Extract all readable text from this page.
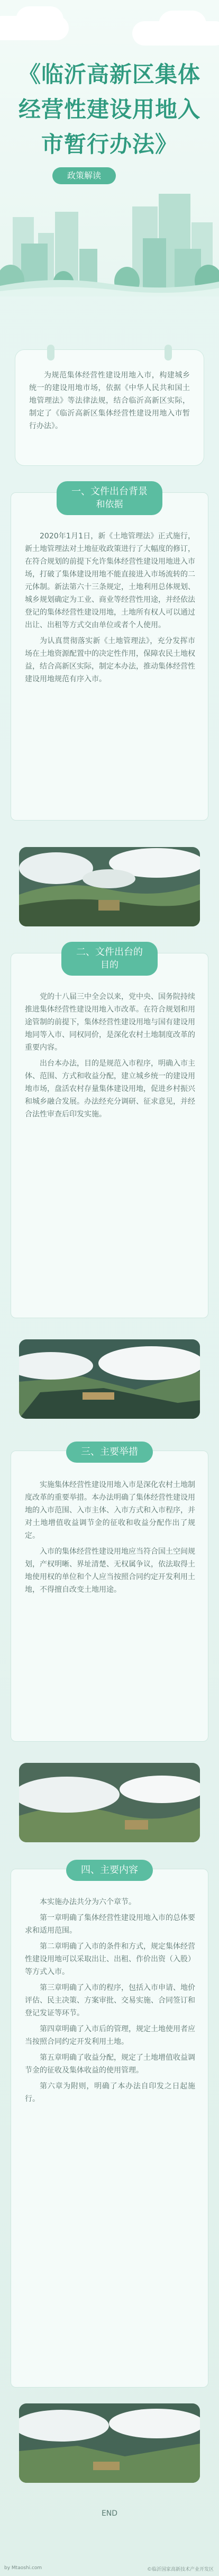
《临沂高新区集体
经营性建设用地入
市暂行办法》
政策解读

为规范集体经营性建设用地入市，构建城乡统一的建设用地市场，依据《中华人民共和国土地管理法》等法律法规，结合临沂高新区实际，制定了《临沂高新区集体经营性建设用地入市暂行办法》。

一、文件出台背景
和依据

2020年1月1日，新《土地管理法》正式施行，新土地管理法对土地征收政策进行了大幅度的修订，在符合规划的前提下允许集体经营性建设用地进入市场，打破了集体建设用地不能直接进入市场流转的二元体制。新法第六十三条规定，土地利用总体规划、城乡规划确定为工业、商业等经营性用途，并经依法登记的集体经营性建设用地，土地所有权人可以通过出让、出租等方式交由单位或者个人使用。

为认真贯彻落实新《土地管理法》，充分发挥市场在土地资源配置中的决定性作用，保障农民土地权益，结合高新区实际，制定本办法，推动集体经营性建设用地规范有序入市。

二、文件出台的
目的

党的十八届三中全会以来，党中央、国务院持续推进集体经营性建设用地入市改革。在符合规划和用途管制的前提下，集体经营性建设用地与国有建设用地同等入市、同权同价，是深化农村土地制度改革的重要内容。

出台本办法，目的是规范入市程序，明确入市主体、范围、方式和收益分配，建立城乡统一的建设用地市场，盘活农村存量集体建设用地，促进乡村振兴和城乡融合发展。办法经充分调研、征求意见，并经合法性审查后印发实施。

三、主要举措

实施集体经营性建设用地入市是深化农村土地制度改革的重要举措。本办法明确了集体经营性建设用地的入市范围、入市主体、入市方式和入市程序，并对土地增值收益调节金的征收和收益分配作出了规定。

入市的集体经营性建设用地应当符合国土空间规划，产权明晰、界址清楚、无权属争议，依法取得土地使用权的单位和个人应当按照合同约定开发利用土地，不得擅自改变土地用途。

四、主要内容

本实施办法共分为六个章节。

第一章明确了集体经营性建设用地入市的总体要求和适用范围。

第二章明确了入市的条件和方式，规定集体经营性建设用地可以采取出让、出租、作价出资（入股）等方式入市。

第三章明确了入市的程序，包括入市申请、地价评估、民主决策、方案审批、交易实施、合同签订和登记发证等环节。

第四章明确了入市后的管理，规定土地使用者应当按照合同约定开发利用土地。

第五章明确了收益分配，规定了土地增值收益调节金的征收及集体收益的使用管理。

第六章为附则，明确了本办法自印发之日起施行。

END
by Mtaoshi.com	©临沂国家高新技术产业开发区
